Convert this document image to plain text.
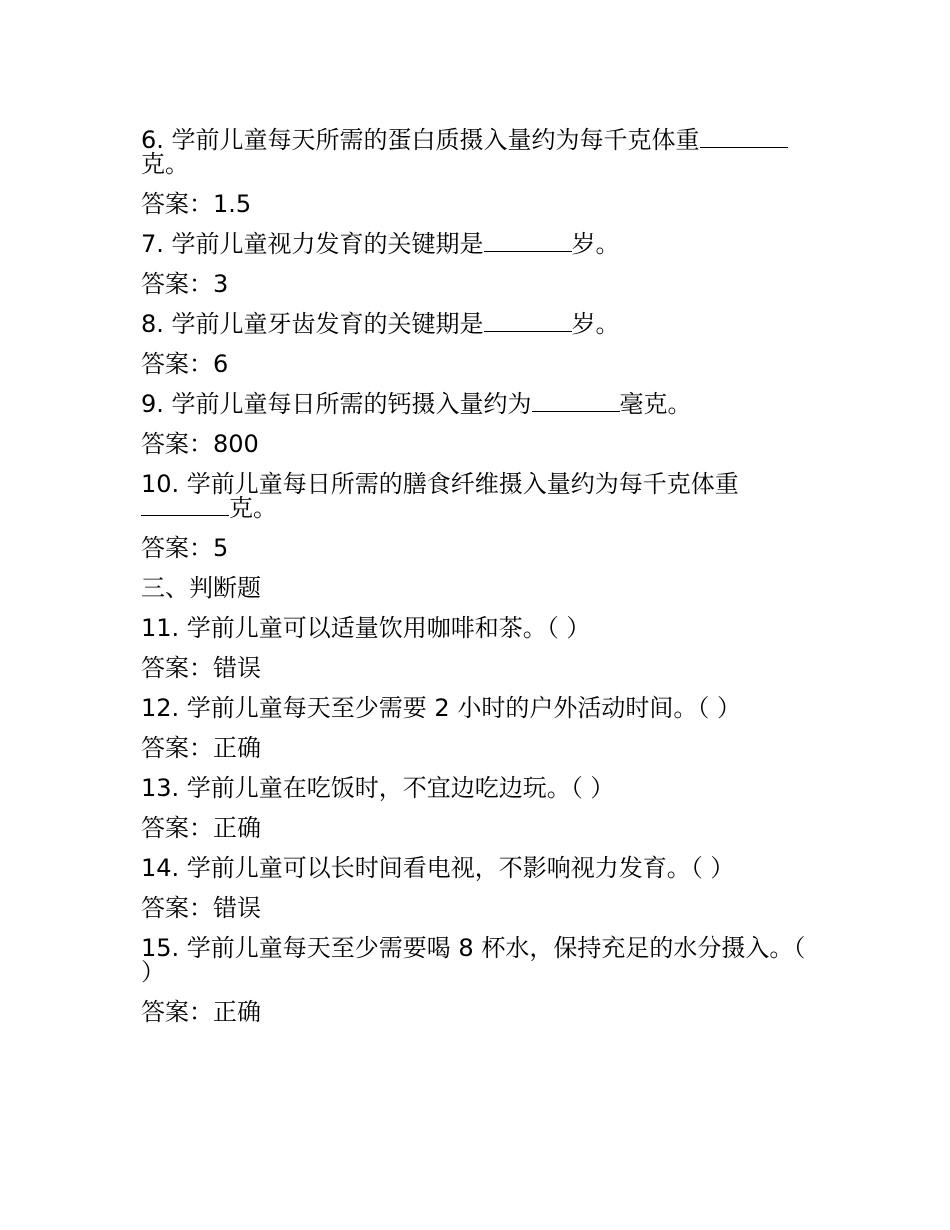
6. 学前儿童每天所需的蛋白质摄入量约为每千克体重克。
答案：1.5
7. 学前儿童视力发育的关键期是	岁。
答案：3
8. 学前儿童牙齿发育的关键期是	岁。
答案：6
9. 学前儿童每日所需的钙摄入量约为	毫克。
答案：800
10. 学前儿童每日所需的膳食纤维摄入量约为每千克体重克。
答案：5
三、判断题
11. 学前儿童可以适量饮用咖啡和茶。（ ）
答案：错误
12. 学前儿童每天至少需要 2 小时的户外活动时间。（ ）
答案：正确
13. 学前儿童在吃饭时，不宜边吃边玩。（ ）
答案：正确
14. 学前儿童可以长时间看电视，不影响视力发育。（ ）
答案：错误
15. 学前儿童每天至少需要喝 8 杯水，保持充足的水分摄入。（ ）
答案：正确
